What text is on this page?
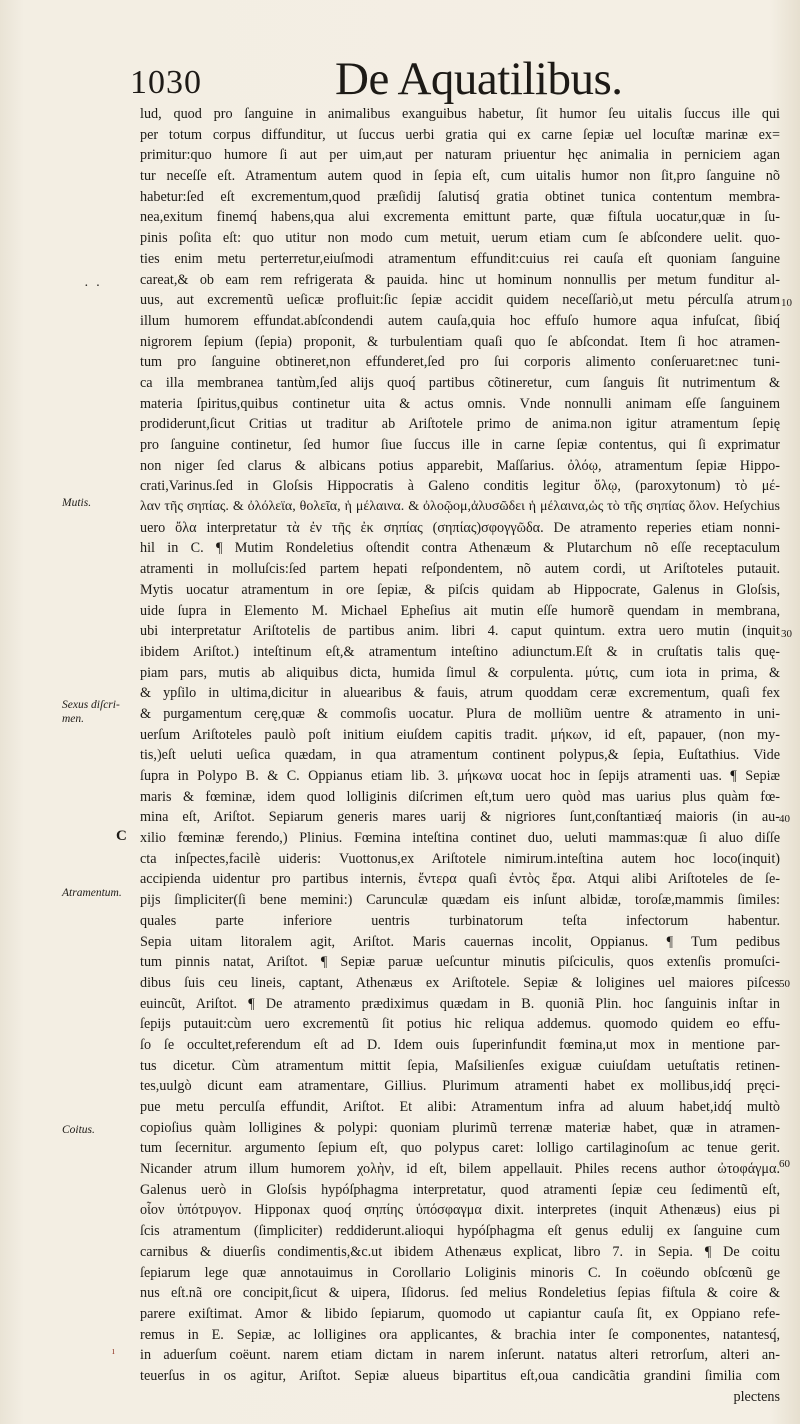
1030	De Aquatilibus.
lud, quod pro ſanguine in animalibus exanguibus habetur, ſit humor ſeu uitalis ſuccus ille qui
per totum corpus diffunditur, ut ſuccus uerbi gratia qui ex carne ſepiæ uel locuſtæ marinæ ex=
primitur:quo humore ſi aut per uim,aut per naturam priuentur hęc animalia in perniciem agan
tur neceſſe eſt. Atramentum autem quod in ſepia eſt, cum uitalis humor non ſit,pro ſanguine nõ
habetur:ſed eſt excrementum,quod præſidij ſalutisq́ gratia obtinet tunica contentum membra-
nea,exitum finemq́ habens,qua alui excrementa emittunt parte, quæ fiſtula uocatur,quæ in ſu-
pinis poſita eſt: quo utitur non modo cum metuit, uerum etiam cum ſe abſcondere uelit. quo-
ties enim metu perterretur,eiuſmodi atramentum effundit:cuius rei cauſa eſt quoniam ſanguine
careat,& ob eam rem refrigerata & pauida. hinc ut hominum nonnullis per metum funditur al-
uus, aut excrementũ ueſicæ profluit:ſic ſepiæ accidit quidem neceſſariò,ut metu pérculſa atrum
illum humorem effundat.abſcondendi autem cauſa,quia hoc effuſo humore aqua infuſcat, ſibiq́
nigrorem ſepium (ſepia) proponit, & turbulentiam quaſi quo ſe abſcondat. Item ſi hoc atramen-
tum pro ſanguine obtineret,non effunderet,ſed pro ſui corporis alimento conſeruaret:nec tuni-
ca illa membranea tantùm,ſed alijs quoq́ partibus cõtineretur, cum ſanguis ſit nutrimentum &
materia ſpiritus,quibus continetur uita & actus omnis. Vnde nonnulli animam eſſe ſanguinem
prodiderunt,ſicut Critias ut traditur ab Ariſtotele primo de anima.non igitur atramentum ſepię
pro ſanguine continetur, ſed humor ſiue ſuccus ille in carne ſepiæ contentus, qui ſi exprimatur
non niger ſed clarus & albicans potius apparebit, Maſſarius. ὀλόῳ, atramentum ſepiæ Hippo-
crati,Varinus.ſed in Gloſsis Hippocratis à Galeno conditis legitur ὄλῳ, (paroxytonum) τὸ μέ-
λαν τῆς σηπίας. & ὀλόλεϊα, θολεῖα, ἡ μέλαινα. & ὀλοῷομ,ἀλυσῶδει ἡ μέλαινα,ὡς τὸ τῆς σηπίας ὄλον. Heſychius
uero ὄλα interpretatur τὰ ἐν τῆς ἐκ σηπίας (σηπίας)σφογγῶδα. De atramento reperies etiam nonni-
hil in C. ¶ Mutim Rondeletius oſtendit contra Athenæum & Plutarchum nõ eſſe receptaculum
atramenti in molluſcis:ſed partem hepati reſpondentem, nõ autem cordi, ut Ariſtoteles putauit.
Mytis uocatur atramentum in ore ſepiæ, & piſcis quidam ab Hippocrate, Galenus in Gloſsis,
uide ſupra in Elemento M. Michael Epheſius ait mutin eſſe humorẽ quendam in membrana,
ubi interpretatur Ariſtotelis de partibus anim. libri 4. caput quintum. extra uero mutin (inquit
ibidem Ariſtot.) inteſtinum eſt,& atramentum inteſtino adiunctum.Eſt & in cruſtatis talis quę-
piam pars, mutis ab aliquibus dicta, humida ſimul & corpulenta. μύτις, cum iota in prima, &
& ypſilo in ultima,dicitur in aluearibus & fauis, atrum quoddam ceræ excrementum, quaſi fex
& purgamentum cerę,quæ & commoſis uocatur. Plura de molliũm uentre & atramento in uni-
uerſum Ariſtoteles paulò poſt initium eiuſdem capitis tradit. μήκων, id eſt, papauer, (non my-
tis,)eſt ueluti ueſica quædam, in qua atramentum continent polypus,& ſepia, Euſtathius. Vide
ſupra in Polypo B. & C. Oppianus etiam lib. 3. μήκωνα uocat hoc in ſepijs atramenti uas. ¶ Sepiæ
maris & fœminæ, idem quod lolliginis diſcrimen eſt,tum uero quòd mas uarius plus quàm fœ-
mina eſt, Ariſtot. Sepiarum generis mares uarij & nigriores ſunt,conſtantiæq́ maioris (in au-
xilio fœminæ ferendo,) Plinius. Fœmina inteſtina continet duo, ueluti mammas:quæ ſi aluo diſſe
cta inſpectes,facilè uideris: Vuottonus,ex Ariſtotele nimirum.inteſtina autem hoc loco(inquit)
accipienda uidentur pro partibus internis, ἔντερα quaſi ἐντὸς ἔρα. Atqui alibi Ariſtoteles de ſe-
pijs ſimpliciter(ſi bene memini:) Carunculæ quædam eis inſunt albidæ, toroſæ,mammis ſimiles:
quales parte inferiore uentris turbinatorum teſta infectorum habentur.
Sepia uitam litoralem agit, Ariſtot. Maris cauernas incolit, Oppianus. ¶ Tum pedibus
tum pinnis natat, Ariſtot. ¶ Sepiæ paruæ ueſcuntur minutis piſciculis, quos extenſis promuſci-
dibus ſuis ceu lineis, captant, Athenæus ex Ariſtotele. Sepiæ & loligines uel maiores piſces
euincũt, Ariſtot. ¶ De atramento prædiximus quædam in B. quoniã Plin. hoc ſanguinis inſtar in
ſepijs putauit:cùm uero excrementũ ſit potius hic reliqua addemus. quomodo quidem eo effu-
ſo ſe occultet,referendum eſt ad D. Idem ouis ſuperinfundit fœmina,ut mox in mentione par-
tus dicetur. Cùm atramentum mittit ſepia, Maſsilienſes exiguæ cuiuſdam uetuſtatis retinen-
tes,uulgò dicunt eam atramentare, Gillius. Plurimum atramenti habet ex mollibus,idq́ pręci-
pue metu perculſa effundit, Ariſtot. Et alibi: Atramentum infra ad aluum habet,idq́ multò
copioſius quàm lolligines & polypi: quoniam plurimũ terrenæ materiæ habet, quæ in atramen-
tum ſecernitur. argumento ſepium eſt, quo polypus caret: lolligo cartilaginoſum ac tenue gerit.
Nicander atrum illum humorem χολὴν, id eſt, bilem appellauit. Philes recens author ὠτοφάγμα.
Galenus uerò in Gloſsis hypóſphagma interpretatur, quod atramenti ſepiæ ceu ſedimentũ eſt,
οἷον ὑπότρυγον. Hipponax quoq́ σηπίης ὑπόσφαγμα dixit. interpretes (inquit Athenæus) eius pi
ſcis atramentum (ſimpliciter) reddiderunt.alioqui hypóſphagma eſt genus edulij ex ſanguine cum
carnibus & diuerſis condimentis,&c.ut ibidem Athenæus explicat, libro 7. in Sepia. ¶ De coitu
ſepiarum lege quæ annotauimus in Corollario Loliginis minoris C. In coëundo obſcœnũ ge
nus eſt.nã ore concipit,ſicut & uipera, Iſidorus. ſed melius Rondeletius ſepias fiſtula & coire &
parere exiſtimat. Amor & libido ſepiarum, quomodo ut capiantur cauſa ſit, ex Oppiano refe-
remus in E. Sepiæ, ac lolligines ora applicantes, & brachia inter ſe componentes, natantesq́,
in aduerſum coëunt. narem etiam dictam in narem inſerunt. natatus alteri retrorſum, alteri an-
teuerſus in os agitur, Ariſtot. Sepiæ alueus bipartitus eſt,oua candicãtia grandini ſimilia com
plectens
Mutis.
Sexus diſcri-men.
Atramentum.
Coitus.
C
10
30
40
50
60
·  ·
ı
